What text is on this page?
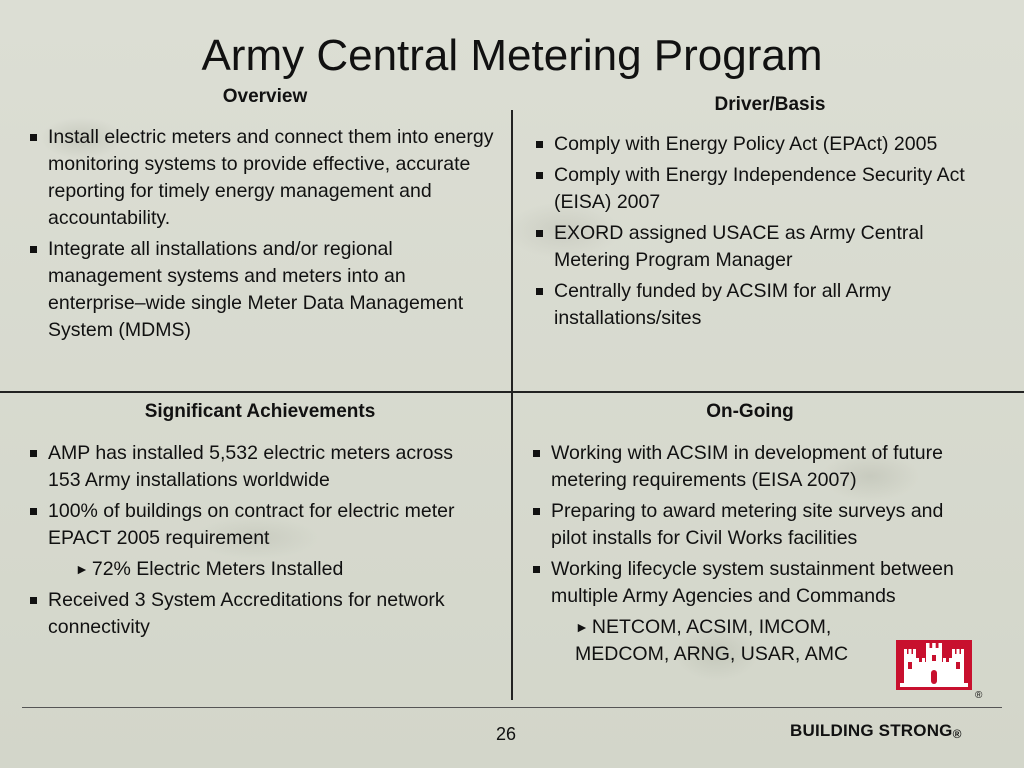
Army Central Metering Program
Overview	Driver/Basis
Significant Achievements	On-Going
Install electric meters and connect them into energy monitoring systems to provide effective, accurate reporting for timely energy management and accountability.
Integrate all installations and/or regional management systems and meters into an enterprise–wide single Meter Data Management System (MDMS)
Comply with Energy Policy Act (EPAct) 2005
Comply with Energy Independence Security Act (EISA) 2007
EXORD assigned USACE as Army Central Metering Program Manager
Centrally funded by ACSIM for all Army installations/sites
AMP has installed 5,532 electric meters across 153 Army installations worldwide
100% of buildings on contract for electric meter EPACT 2005 requirement
► 72% Electric Meters Installed
Received 3 System Accreditations for network connectivity
Working with ACSIM in development of future metering requirements (EISA 2007)
Preparing to award metering site surveys and pilot installs for Civil Works facilities
Working lifecycle system sustainment between multiple Army Agencies and Commands
► NETCOM, ACSIM, IMCOM, MEDCOM, ARNG, USAR, AMC
®
26	BUILDING STRONG®
